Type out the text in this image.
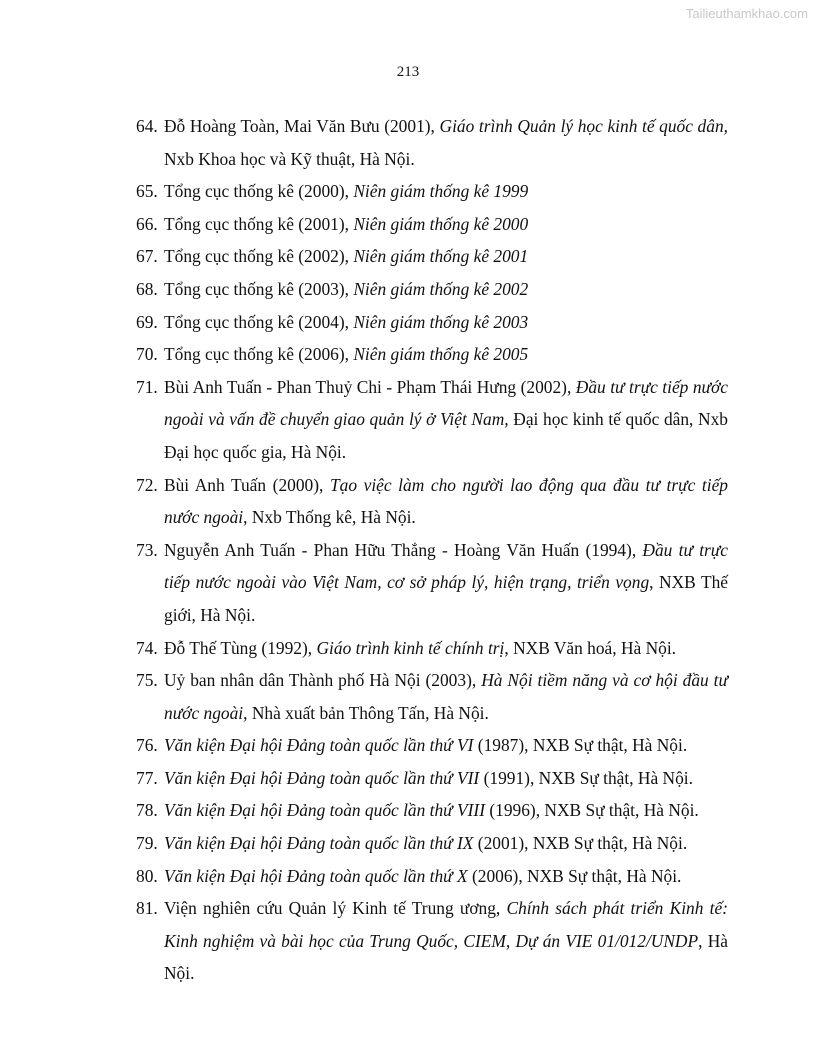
Tailieuthamkhao.com
213
64. Đỗ Hoàng Toàn, Mai Văn Bưu (2001), Giáo trình Quản lý học kinh tế quốc dân, Nxb Khoa học và Kỹ thuật, Hà Nội.
65. Tổng cục thống kê (2000), Niên giám thống kê 1999
66. Tổng cục thống kê (2001), Niên giám thống kê 2000
67. Tổng cục thống kê (2002), Niên giám thống kê 2001
68. Tổng cục thống kê (2003), Niên giám thống kê 2002
69. Tổng cục thống kê (2004), Niên giám thống kê 2003
70. Tổng cục thống kê (2006), Niên giám thống kê 2005
71. Bùi Anh Tuấn - Phan Thuỷ Chi - Phạm Thái Hưng (2002), Đầu tư trực tiếp nước ngoài và vấn đề chuyển giao quản lý ở Việt Nam, Đại học kinh tế quốc dân, Nxb Đại học quốc gia, Hà Nội.
72. Bùi Anh Tuấn (2000), Tạo việc làm cho người lao động qua đầu tư trực tiếp nước ngoài, Nxb Thống kê, Hà Nội.
73. Nguyễn Anh Tuấn - Phan Hữu Thắng - Hoàng Văn Huấn (1994), Đầu tư trực tiếp nước ngoài vào Việt Nam, cơ sở pháp lý, hiện trạng, triển vọng, NXB Thế giới, Hà Nội.
74. Đỗ Thế Tùng (1992), Giáo trình kinh tế chính trị, NXB Văn hoá, Hà Nội.
75. Uỷ ban nhân dân Thành phố Hà Nội (2003), Hà Nội tiềm năng và cơ hội đầu tư nước ngoài, Nhà xuất bản Thông Tấn, Hà Nội.
76. Văn kiện Đại hội Đảng toàn quốc lần thứ VI (1987), NXB Sự thật, Hà Nội.
77. Văn kiện Đại hội Đảng toàn quốc lần thứ VII (1991), NXB Sự thật, Hà Nội.
78. Văn kiện Đại hội Đảng toàn quốc lần thứ VIII (1996), NXB Sự thật, Hà Nội.
79. Văn kiện Đại hội Đảng toàn quốc lần thứ IX (2001), NXB Sự thật, Hà Nội.
80. Văn kiện Đại hội Đảng toàn quốc lần thứ X (2006), NXB Sự thật, Hà Nội.
81. Viện nghiên cứu Quản lý Kinh tế Trung ương, Chính sách phát triển Kinh tế: Kinh nghiệm và bài học của Trung Quốc, CIEM, Dự án VIE 01/012/UNDP, Hà Nội.
